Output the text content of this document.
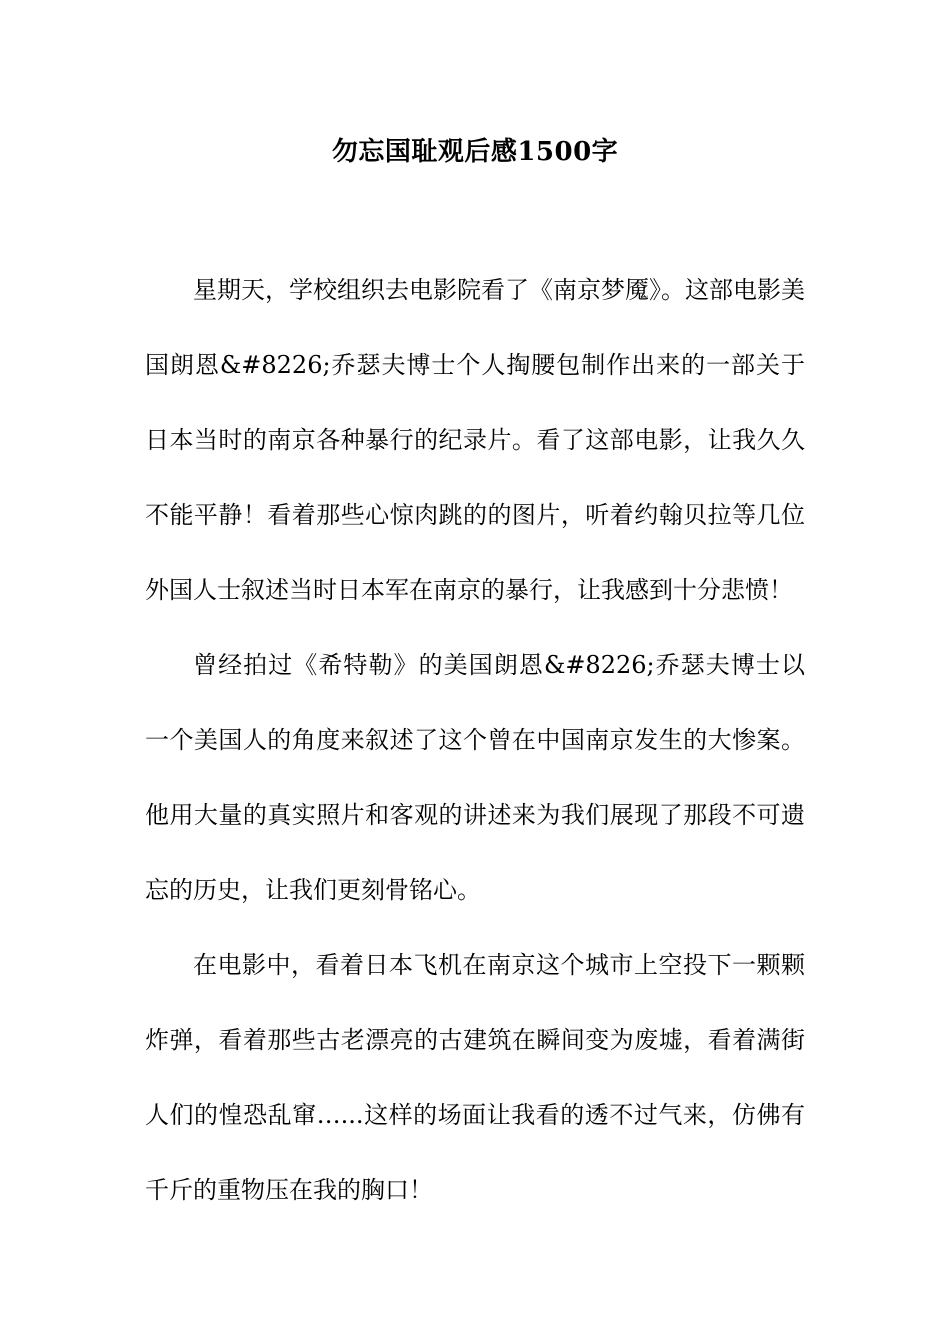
勿忘国耻观后感1500字

星期天，学校组织去电影院看了《南京梦魇》。这部电影美国朗恩&#8226;乔瑟夫博士个人掏腰包制作出来的一部关于日本当时的南京各种暴行的纪录片。看了这部电影，让我久久不能平静！看着那些心惊肉跳的的图片，听着约翰贝拉等几位外国人士叙述当时日本军在南京的暴行，让我感到十分悲愤！

曾经拍过《希特勒》的美国朗恩&#8226;乔瑟夫博士以一个美国人的角度来叙述了这个曾在中国南京发生的大惨案。他用大量的真实照片和客观的讲述来为我们展现了那段不可遗忘的历史，让我们更刻骨铭心。

在电影中，看着日本飞机在南京这个城市上空投下一颗颗炸弹，看着那些古老漂亮的古建筑在瞬间变为废墟，看着满街人们的惶恐乱窜…...这样的场面让我看的透不过气来，仿佛有千斤的重物压在我的胸口！
